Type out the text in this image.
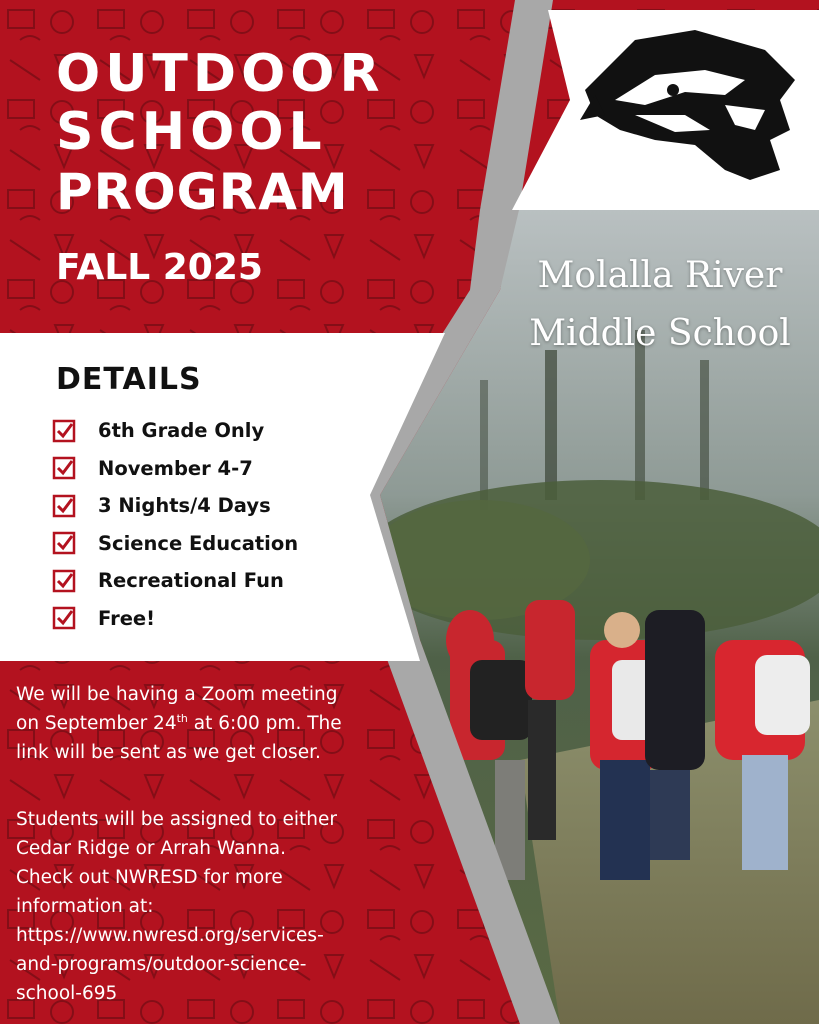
OUTDOOR
SCHOOL
PROGRAM
FALL 2025	Molalla River
Middle School
DETAILS
6th Grade Only
November 4-7
3 Nights/4 Days
Science Education
Recreational Fun
Free!

We will be having a Zoom meeting
on September 24th at 6:00 pm. The
link will be sent as we get closer.

Students will be assigned to either
Cedar Ridge or Arrah Wanna.
Check out NWRESD for more
information at:
https://www.nwresd.org/services-
and-programs/outdoor-science-
school-695
